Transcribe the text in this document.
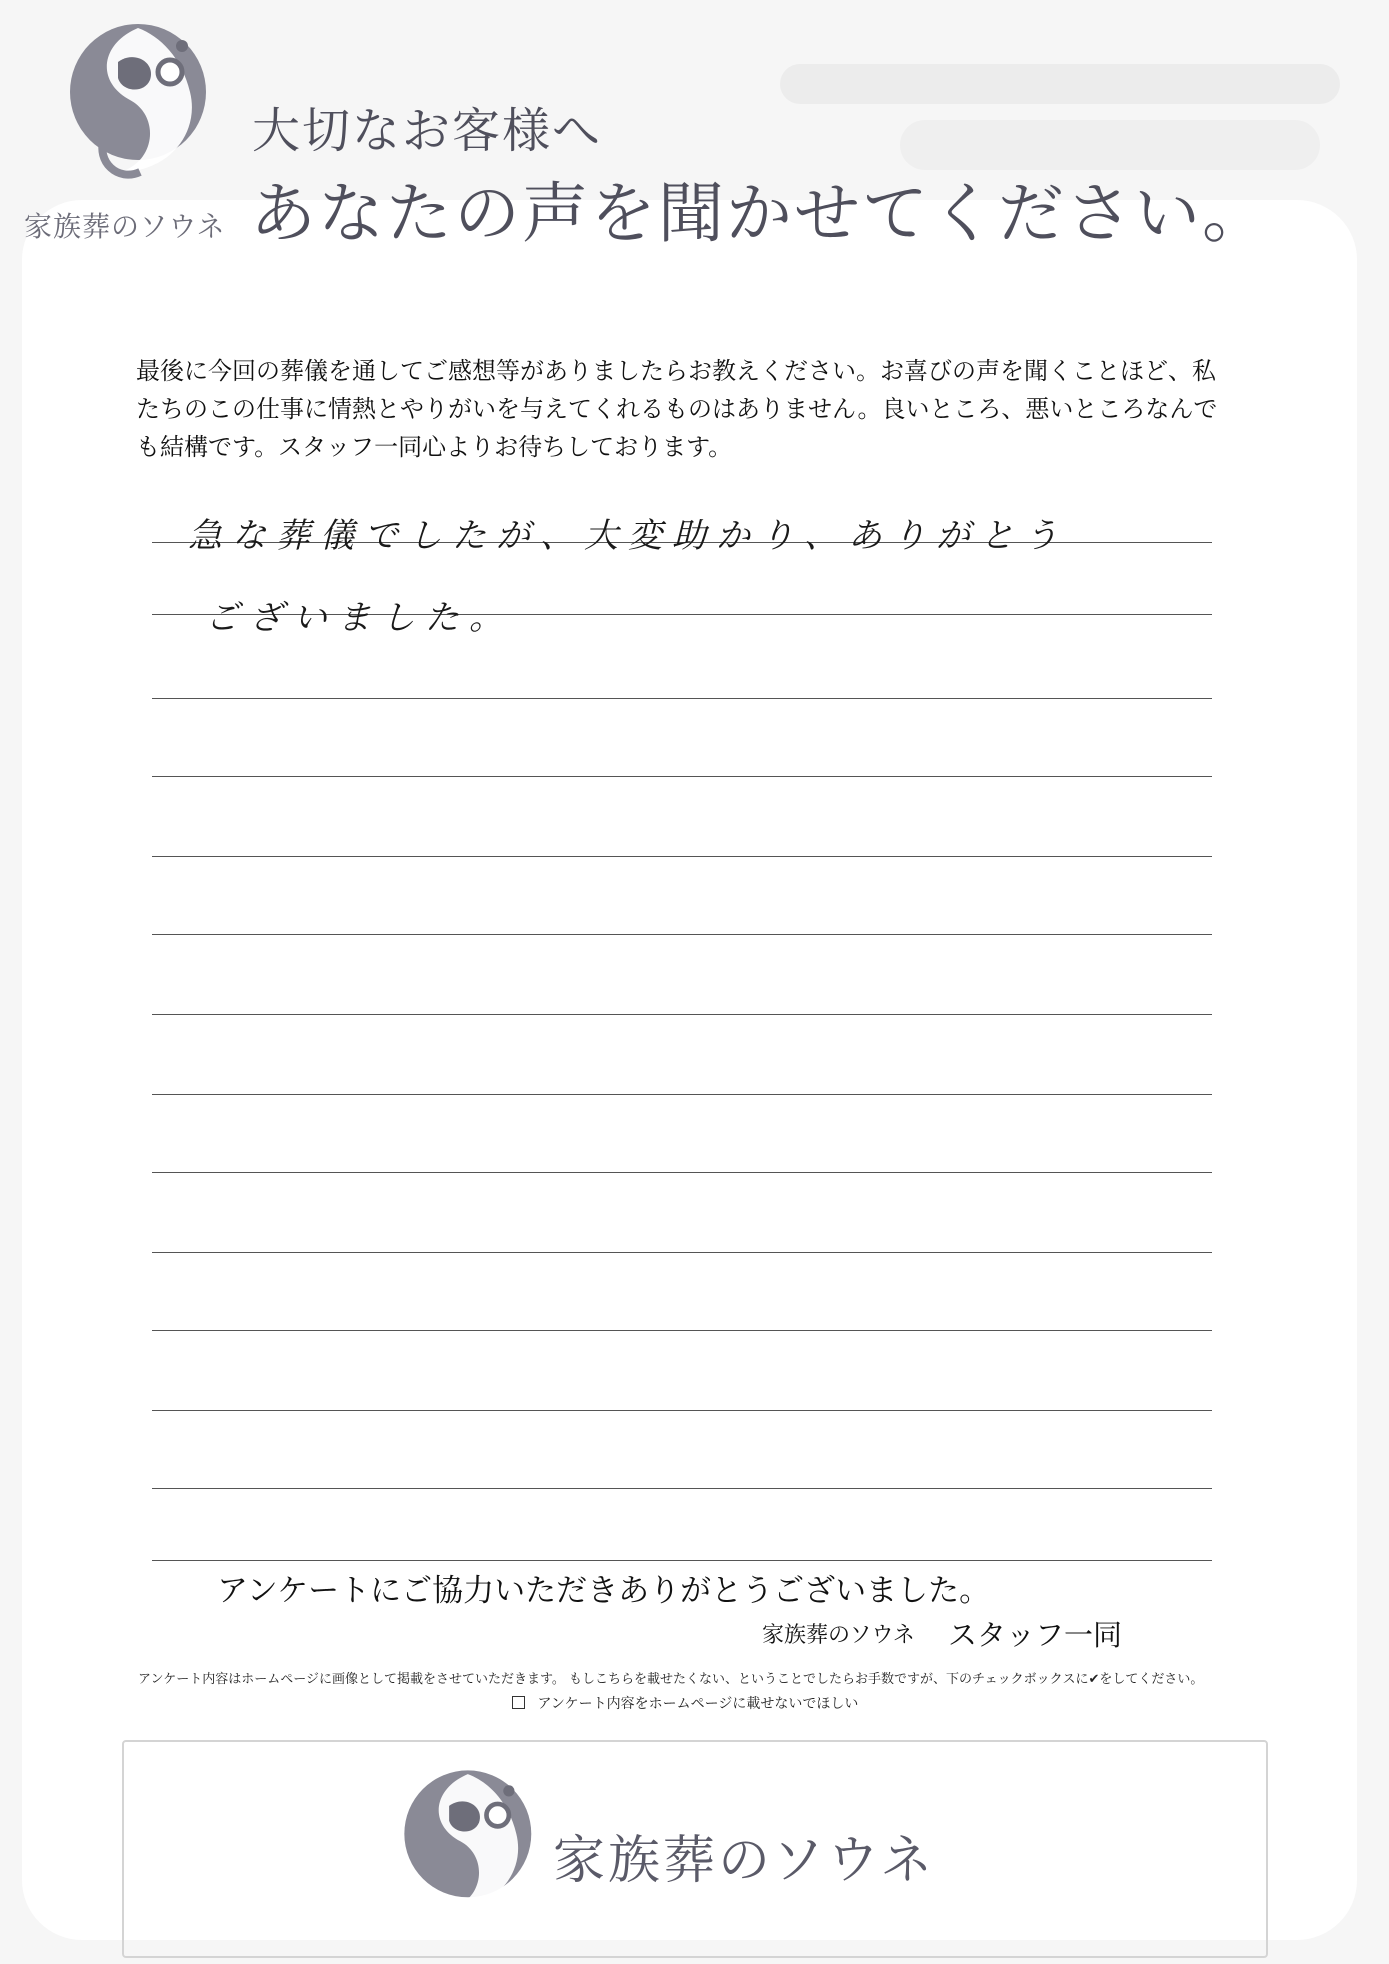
家族葬のソウネ
大切なお客様へ
あなたの声を聞かせてください。
最後に今回の葬儀を通してご感想等がありましたらお教えください。お喜びの声を聞くことほど、私たちのこの仕事に情熱とやりがいを与えてくれるものはありません。良いところ、悪いところなんでも結構です。スタッフ一同心よりお待ちしております。
急な葬儀でしたが、大変助かり、ありがとう
ございました。
アンケートにご協力いただきありがとうございました。
家族葬のソウネ スタッフ一同
アンケート内容はホームページに画像として掲載をさせていただきます。 もしこちらを載せたくない、ということでしたらお手数ですが、下のチェックボックスに✔をしてください。
アンケート内容をホームページに載せないでほしい
家族葬のソウネ
